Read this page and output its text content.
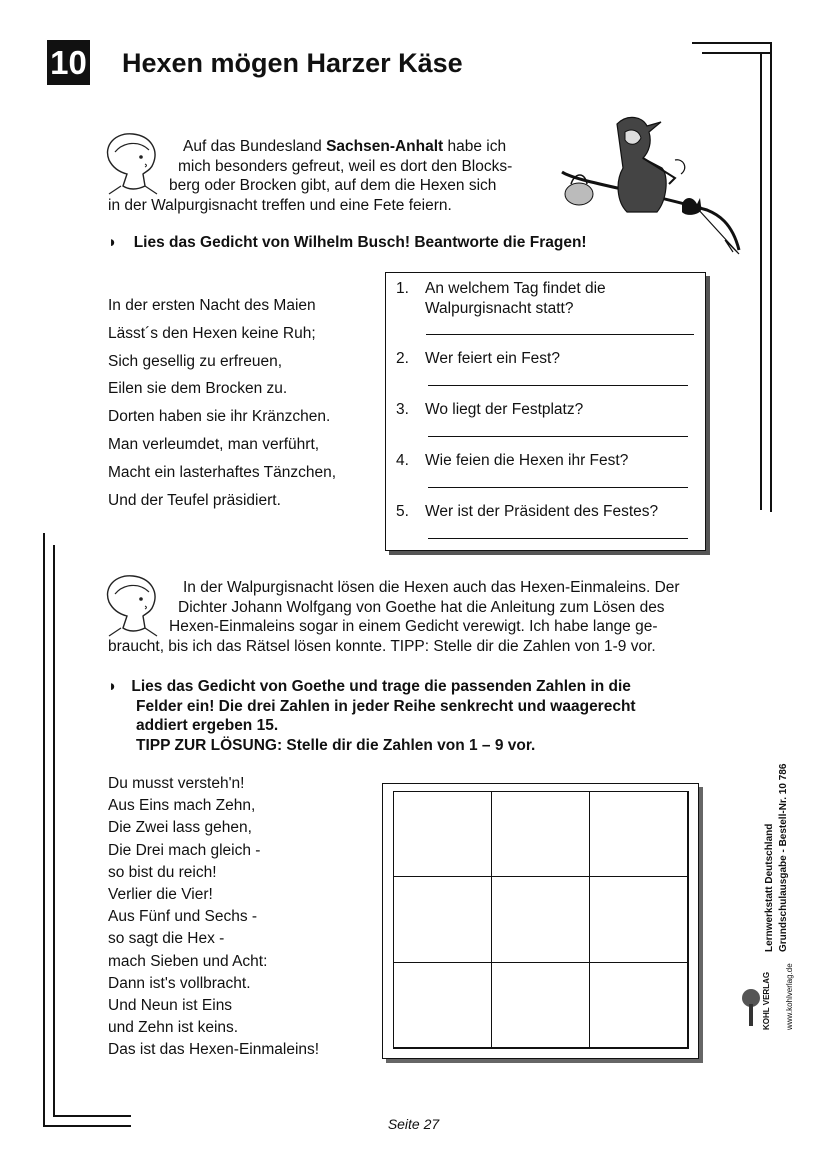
10 Hexen mögen Harzer Käse
Auf das Bundesland Sachsen-Anhalt habe ich
mich besonders gefreut, weil es dort den Blocks-
berg oder Brocken gibt, auf dem die Hexen sich
in der Walpurgisnacht treffen und eine Fete feiern.
◗ Lies das Gedicht von Wilhelm Busch! Beantworte die Fragen!

In der ersten Nacht des Maien

Lässt´s den Hexen keine Ruh;

Sich gesellig zu erfreuen,

Eilen sie dem Brocken zu.

Dorten haben sie ihr Kränzchen.

Man verleumdet, man verführt,

Macht ein lasterhaftes Tänzchen,

Und der Teufel präsidiert.

1. An welchem Tag findet die
Walpurgisnacht statt?
2. Wer feiert ein Fest?
3. Wo liegt der Festplatz?
4. Wie feien die Hexen ihr Fest?
5. Wer ist der Präsident des Festes?
In der Walpurgisnacht lösen die Hexen auch das Hexen-Einmaleins. Der
Dichter Johann Wolfgang von Goethe hat die Anleitung zum Lösen des
Hexen-Einmaleins sogar in einem Gedicht verewigt. Ich habe lange ge-
braucht, bis ich das Rätsel lösen konnte. TIPP: Stelle dir die Zahlen von 1-9 vor.
◗ Lies das Gedicht von Goethe und trage die passenden Zahlen in die
Felder ein! Die drei Zahlen in jeder Reihe senkrecht und waagerecht
addiert ergeben 15.
TIPP ZUR LÖSUNG: Stelle dir die Zahlen von 1 – 9 vor.

Du musst versteh'n!

Aus Eins mach Zehn,

Die Zwei lass gehen,

Die Drei mach gleich -

so bist du reich!

Verlier die Vier!

Aus Fünf und Sechs -

so sagt die Hex -

mach Sieben und Acht:

Dann ist's vollbracht.

Und Neun ist Eins

und Zehn ist keins.

Das ist das Hexen-Einmaleins!

KOHL VERLAG www.kohlverlag.de
Lernwerkstatt Deutschland Grundschulausgabe - Bestell-Nr. 10 786
Seite 27
